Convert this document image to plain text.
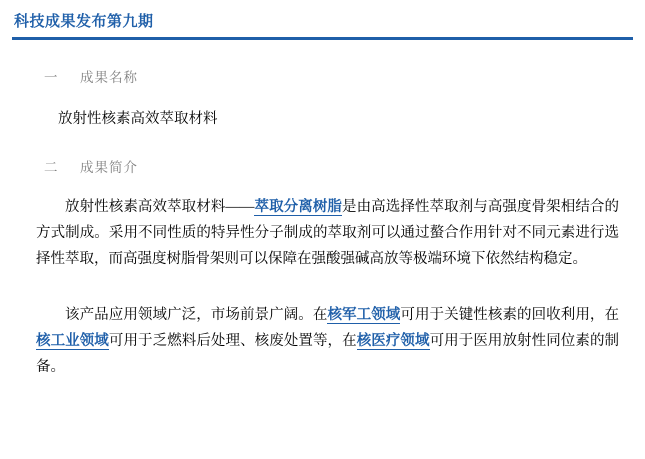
科技成果发布第九期
一 成果名称
放射性核素高效萃取材料
二 成果简介
放射性核素高效萃取材料——萃取分离树脂是由高选择性萃取剂与高强度骨架相结合的方式制成。采用不同性质的特异性分子制成的萃取剂可以通过螯合作用针对不同元素进行选择性萃取，而高强度树脂骨架则可以保障在强酸强碱高放等极端环境下依然结构稳定。
该产品应用领域广泛，市场前景广阔。在核军工领域可用于关键性核素的回收利用，在核工业领域可用于乏燃料后处理、核废处置等，在核医疗领域可用于医用放射性同位素的制备。
